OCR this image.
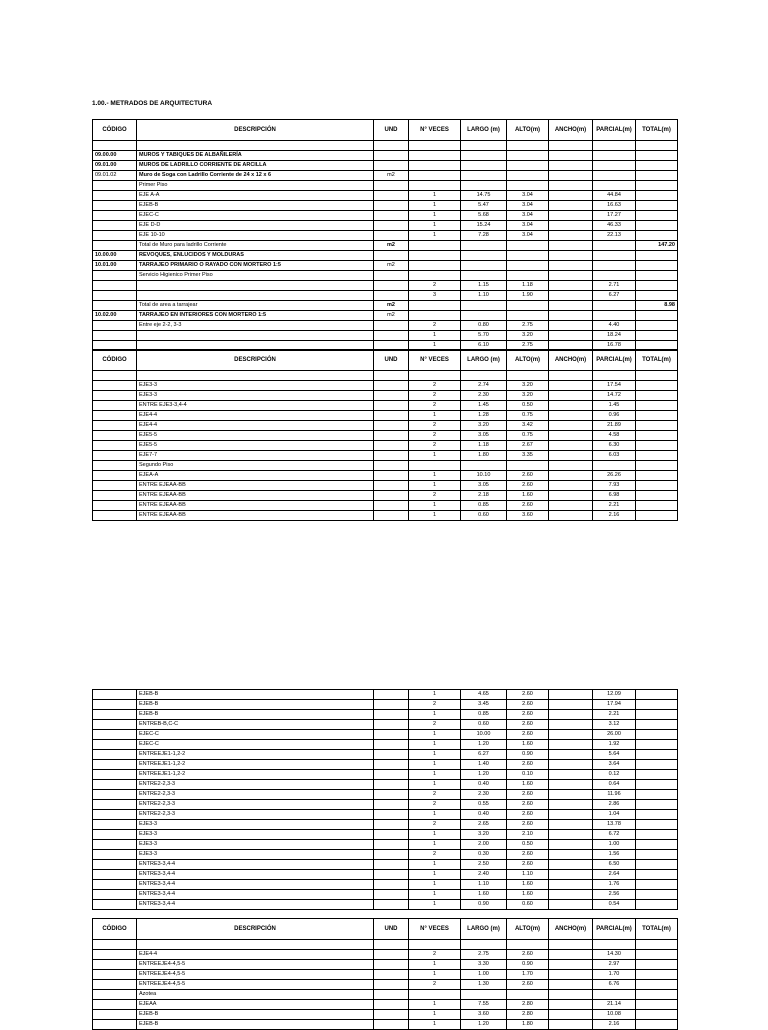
1.00.- METRADOS DE ARQUITECTURA
CÓDIGO	DESCRIPCIÓN	UND	N° VECES	LARGO (m)	ALTO(m)	ANCHO(m)	PARCIAL(m)	TOTAL(m)

09.00.00	MUROS Y TABIQUES DE ALBAÑILERÍA							
09.01.00	MUROS DE LADRILLO CORRIENTE DE ARCILLA							
09.01.02	Muro de Soga con Ladrillo Corriente de 24 x 12 x 6	m2						
	Primer Piso							
	EJE A-A		1	14.75	3.04		44.84	
	EJEB-B		1	5.47	3.04		16.63	
	EJEC-C		1	5.68	3.04		17.27	
	EJE D-D		1	15.24	3.04		46.33	
	EJE 10-10		1	7.28	3.04		22.13	
	Total de Muro para ladrillo Corriente	m2						147.20
10.00.00	REVOQUES, ENLUCIDOS Y MOLDURAS							
10.01.00	TARRAJEO PRIMARIO O RAYADO CON MORTERO 1:5	m2						
	Servicio Higienico Primer Piso							
			2	1.15	1.18		2.71	
			3	1.10	1.90		6.27	
	Total de area a tarrajear	m2						8.98
10.02.00	TARRAJEO EN INTERIORES CON MORTERO 1:5	m2						
	Entre eje 2-2, 3-3		2	0.80	2.75		4.40	
			1	5.70	3.20		18.24	
			1	6.10	2.75		16.78	
CÓDIGO	DESCRIPCIÓN	UND	N° VECES	LARGO (m)	ALTO(m)	ANCHO(m)	PARCIAL(m)	TOTAL(m)

	EJE3-3		2	2.74	3.20		17.54	
	EJE3-3		2	2.30	3.20		14.72	
	ENTRE EJE3-3,4-4		2	1.45	0.50		1.45	
	EJE4-4		1	1.28	0.75		0.96	
	EJE4-4		2	3.20	3.42		21.89	
	EJE5-5		2	3.05	0.75		4.58	
	EJE5-5		2	1.18	2.67		6.30	
	EJE7-7		1	1.80	3.35		6.03	
	Segundo Piso							
	EJEA-A		1	10.10	2.60		26.26	
	ENTRE EJEAA-BB		1	3.05	2.60		7.93	
	ENTRE EJEAA-BB		2	2.18	1.60		6.98	
	ENTRE EJEAA-BB		1	0.85	2.60		2.21	
	ENTRE EJEAA-BB		1	0.60	3.60		2.16	
	EJEB-B		1	4.65	2.60		12.09	
	EJEB-B		2	3.45	2.60		17.94	
	EJEB-B		1	0.85	2.60		2.21	
	ENTREB-B,C-C		2	0.60	2.60		3.12	
	EJEC-C		1	10.00	2.60		26.00	
	EJEC-C		1	1.20	1.60		1.92	
	ENTREEJE1-1,2-2		1	6.27	0.90		5.64	
	ENTREEJE1-1,2-2		1	1.40	2.60		3.64	
	ENTREEJE1-1,2-2		1	1.20	0.10		0.12	
	ENTRE2-2,3-3		1	0.40	1.60		0.64	
	ENTRE2-2,3-3		2	2.30	2.60		11.96	
	ENTRE2-2,3-3		2	0.55	2.60		2.86	
	ENTRE2-2,3-3		1	0.40	2.60		1.04	
	EJE3-3		2	2.65	2.60		13.78	
	EJE3-3		1	3.20	2.10		6.72	
	EJE3-3		1	2.00	0.50		1.00	
	EJE3-3		2	0.30	2.60		1.56	
	ENTRE3-3,4-4		1	2.50	2.60		6.50	
	ENTRE3-3,4-4		1	2.40	1.10		2.64	
	ENTRE3-3,4-4		1	1.10	1.60		1.76	
	ENTRE3-3,4-4		1	1.60	1.60		2.56	
	ENTRE3-3,4-4		1	0.90	0.60		0.54	
CÓDIGO	DESCRIPCIÓN	UND	N° VECES	LARGO (m)	ALTO(m)	ANCHO(m)	PARCIAL(m)	TOTAL(m)

	EJE4-4		2	2.75	2.60		14.30	
	ENTREEJE4-4,5-5		1	3.30	0.90		2.97	
	ENTREEJE4-4,5-5		1	1.00	1.70		1.70	
	ENTREEJE4-4,5-5		2	1.30	2.60		6.76	
	Azotea							
	EJEAA		1	7.55	2.80		21.14	
	EJEB-B		1	3.60	2.80		10.08	
	EJEB-B		1	1.20	1.80		2.16	
